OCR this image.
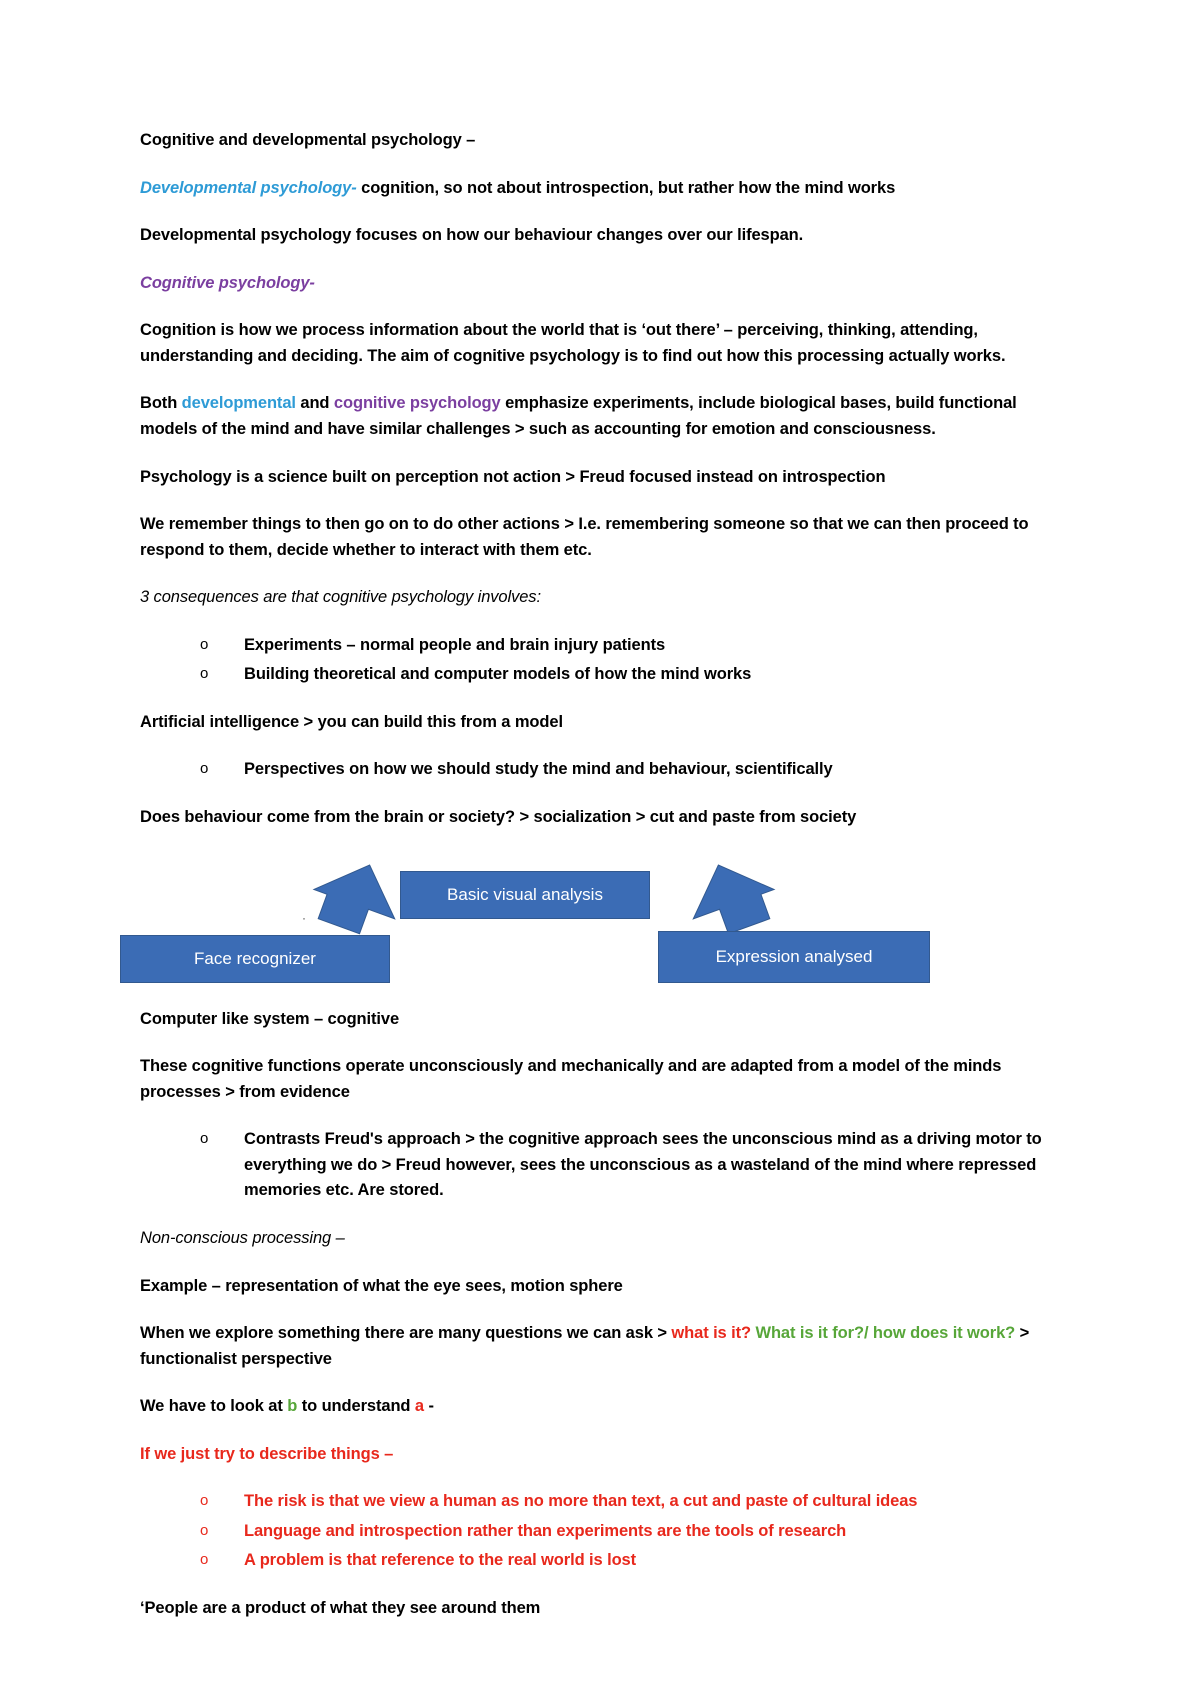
Cognitive and developmental psychology –

Developmental psychology- cognition, so not about introspection, but rather how the mind works

Developmental psychology focuses on how our behaviour changes over our lifespan.

Cognitive psychology-

Cognition is how we process information about the world that is ‘out there’ – perceiving, thinking, attending, understanding and deciding. The aim of cognitive psychology is to find out how this processing actually works.

Both developmental and cognitive psychology emphasize experiments, include biological bases, build functional models of the mind and have similar challenges > such as accounting for emotion and consciousness.

Psychology is a science built on perception not action > Freud focused instead on introspection

We remember things to then go on to do other actions > I.e. remembering someone so that we can then proceed to respond to them, decide whether to interact with them etc.

3 consequences are that cognitive psychology involves:

o Experiments – normal people and brain injury patients
o Building theoretical and computer models of how the mind works

Artificial intelligence > you can build this from a model

o Perspectives on how we should study the mind and behaviour, scientifically

Does behaviour come from the brain or society? > socialization > cut and paste from society

·
Basic visual analysis
Face recognizer	Expression analysed

Computer like system – cognitive

These cognitive functions operate unconsciously and mechanically and are adapted from a model of the minds processes > from evidence

o Contrasts Freud's approach > the cognitive approach sees the unconscious mind as a driving motor to everything we do > Freud however, sees the unconscious as a wasteland of the mind where repressed memories etc. Are stored.

Non-conscious processing –

Example – representation of what the eye sees, motion sphere

When we explore something there are many questions we can ask > what is it? What is it for?/ how does it work? > functionalist perspective

We have to look at b to understand a -

If we just try to describe things –

o The risk is that we view a human as no more than text, a cut and paste of cultural ideas
o Language and introspection rather than experiments are the tools of research
o A problem is that reference to the real world is lost

‘People are a product of what they see around them
